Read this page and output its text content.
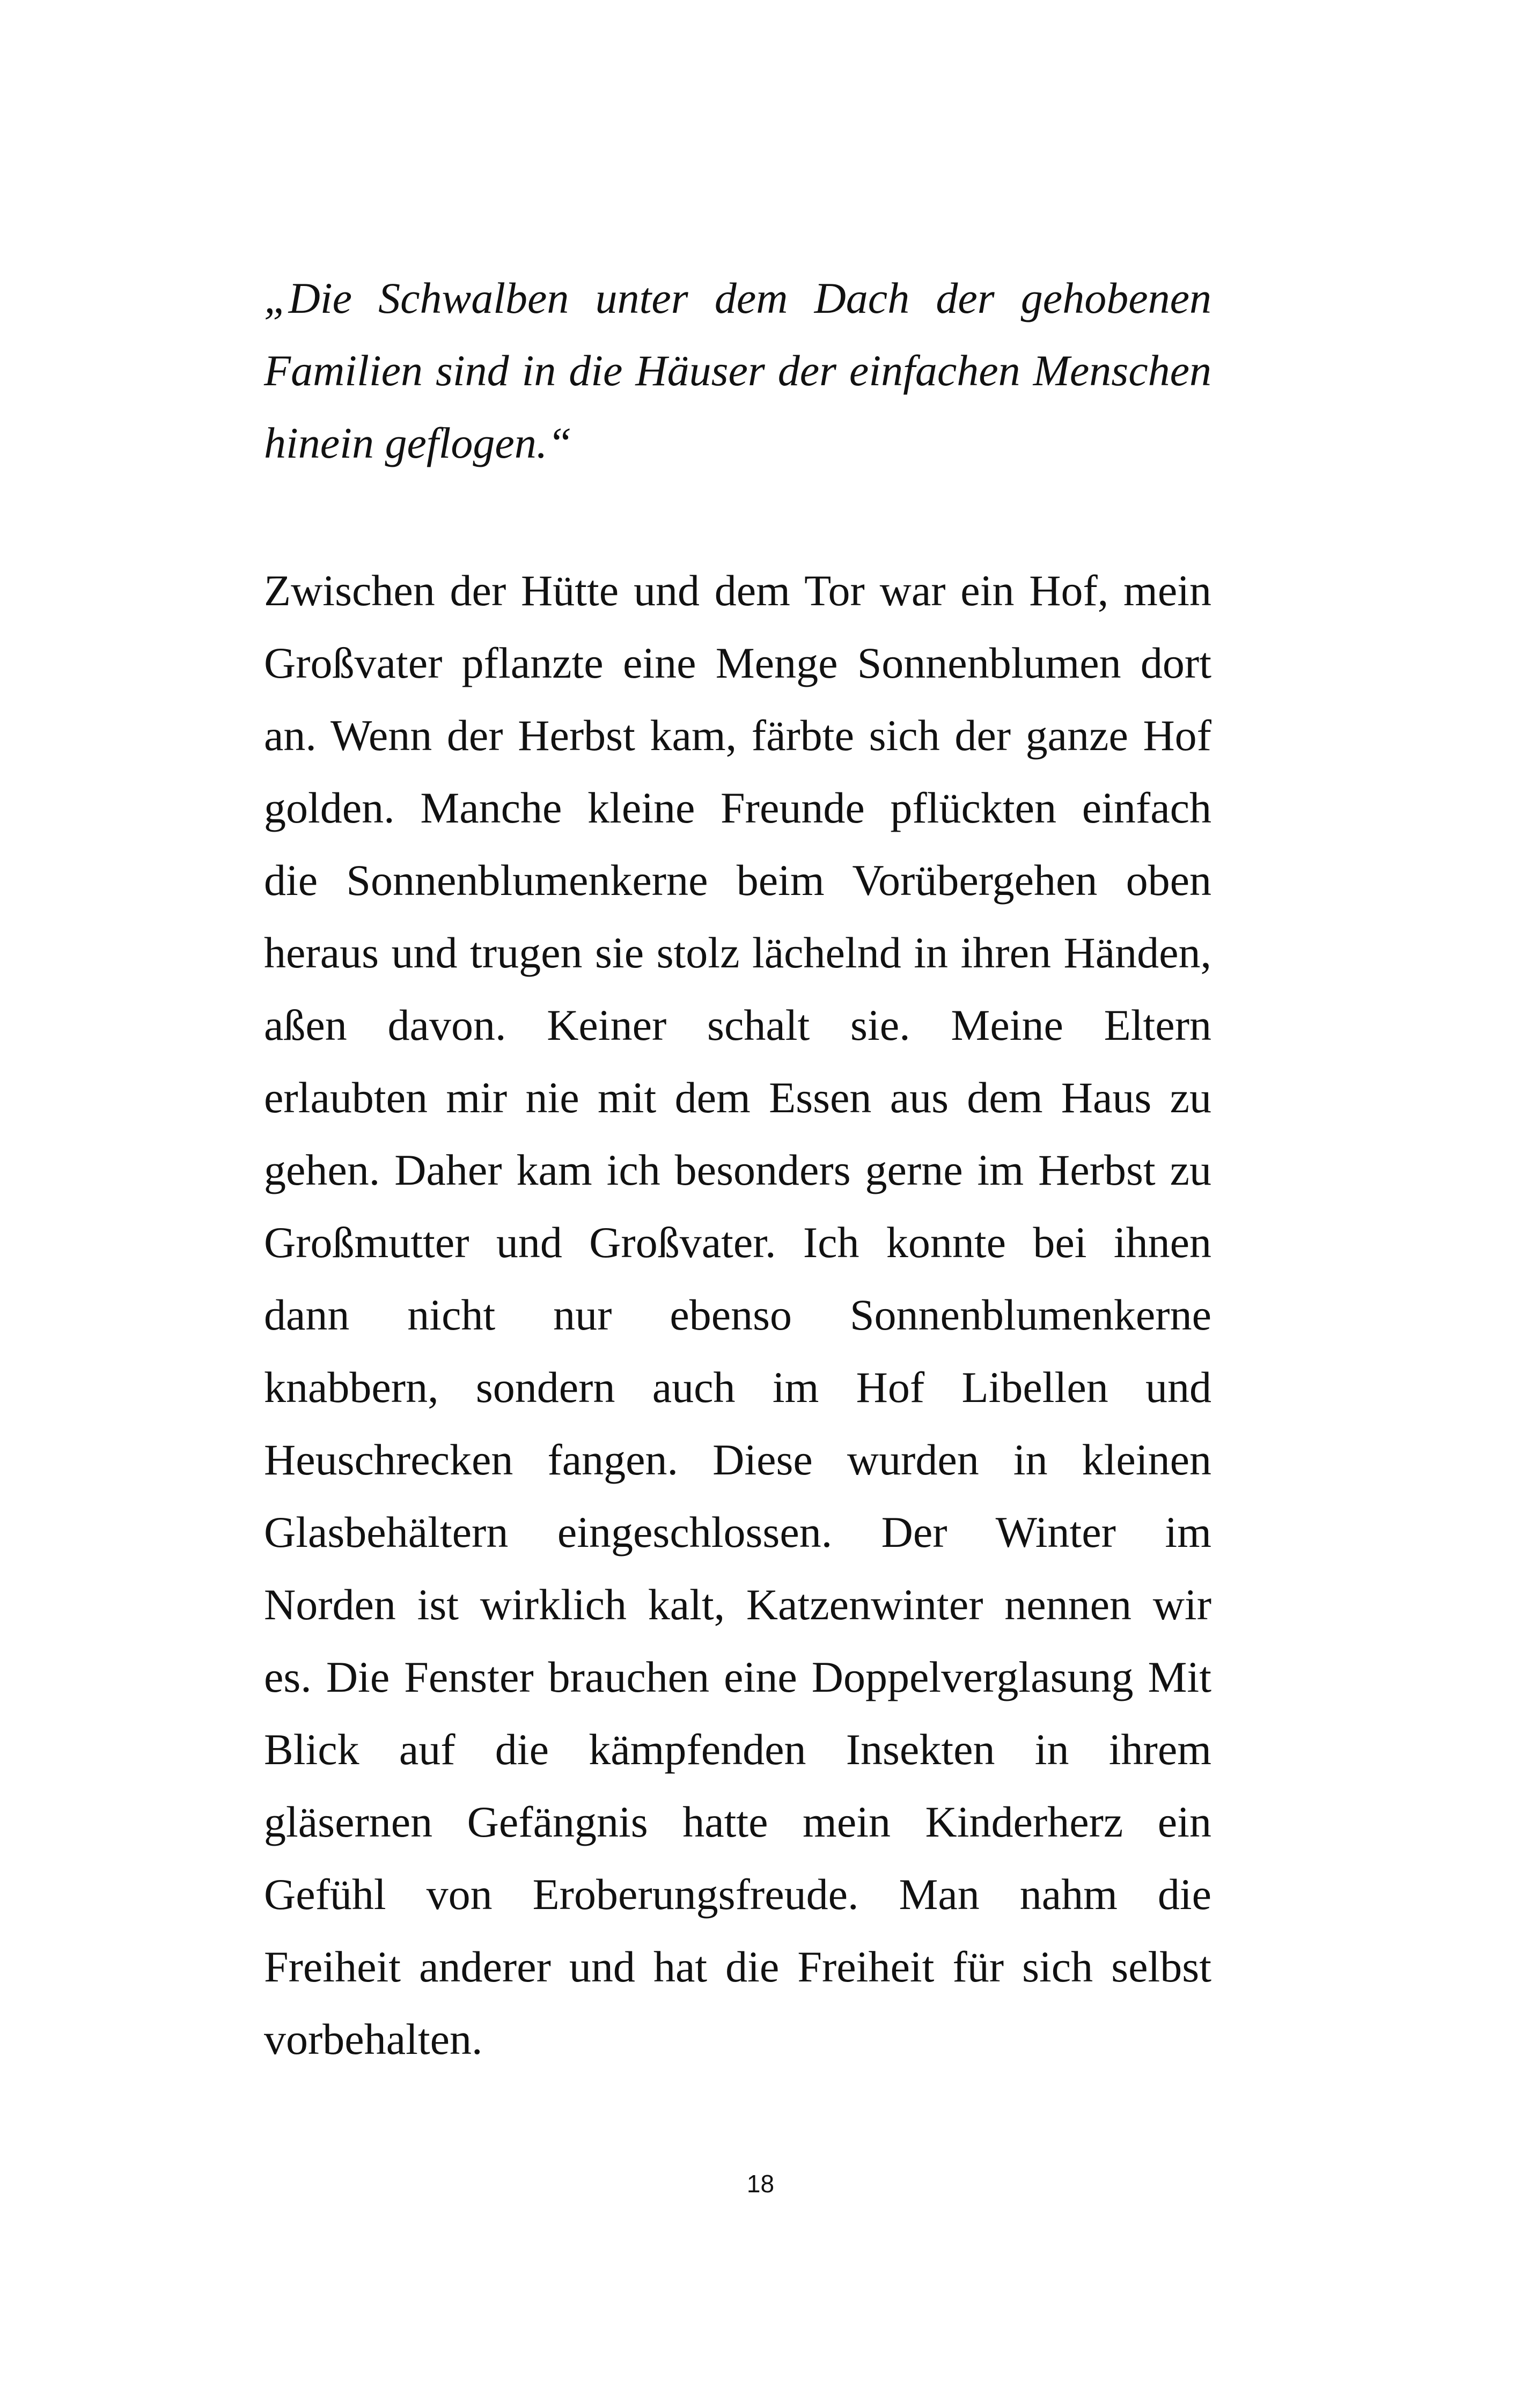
„Die Schwalben unter dem Dach der gehobenen
Familien sind in die Häuser der einfachen Menschen
hinein geflogen.“
Zwischen der Hütte und dem Tor war ein Hof, mein
Großvater pflanzte eine Menge Sonnenblumen dort
an. Wenn der Herbst kam, färbte sich der ganze Hof
golden. Manche kleine Freunde pflückten einfach
die Sonnenblumenkerne beim Vorübergehen oben
heraus und trugen sie stolz lächelnd in ihren Händen,
aßen davon. Keiner schalt sie. Meine Eltern
erlaubten mir nie mit dem Essen aus dem Haus zu
gehen. Daher kam ich besonders gerne im Herbst zu
Großmutter und Großvater. Ich konnte bei ihnen
dann nicht nur ebenso Sonnenblumenkerne
knabbern, sondern auch im Hof Libellen und
Heuschrecken fangen. Diese wurden in kleinen
Glasbehältern eingeschlossen. Der Winter im
Norden ist wirklich kalt, Katzenwinter nennen wir
es. Die Fenster brauchen eine Doppelverglasung Mit
Blick auf die kämpfenden Insekten in ihrem
gläsernen Gefängnis hatte mein Kinderherz ein
Gefühl von Eroberungsfreude. Man nahm die
Freiheit anderer und hat die Freiheit für sich selbst
vorbehalten.
18
